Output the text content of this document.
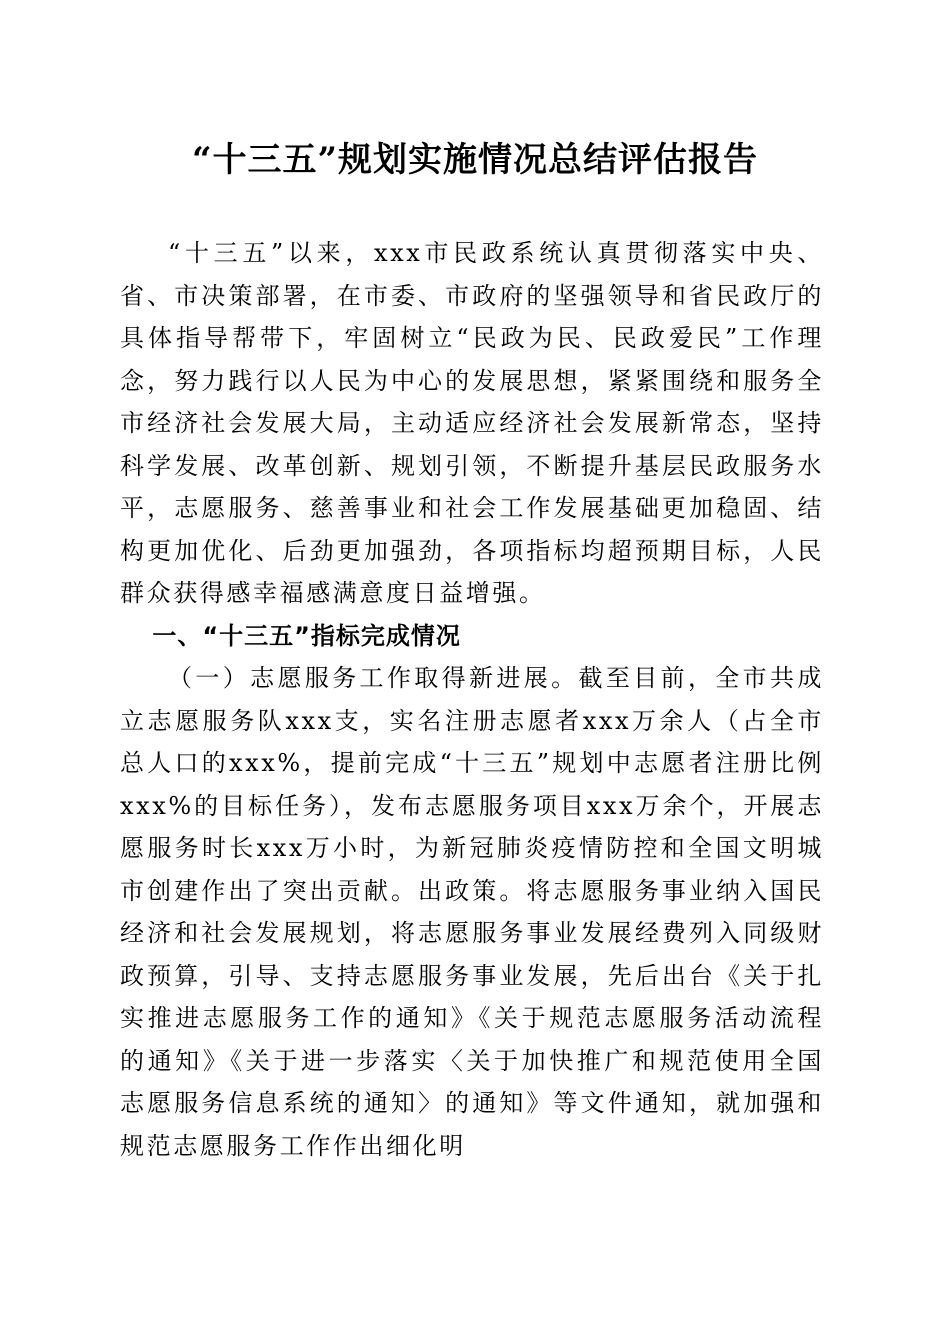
“十三五”规划实施情况总结评估报告

“十三五”以来，xxx市民政系统认真贯彻落实中央、省、市决策部署，在市委、市政府的坚强领导和省民政厅的具体指导帮带下，牢固树立“民政为民、民政爱民”工作理念，努力践行以人民为中心的发展思想，紧紧围绕和服务全市经济社会发展大局，主动适应经济社会发展新常态，坚持科学发展、改革创新、规划引领，不断提升基层民政服务水平，志愿服务、慈善事业和社会工作发展基础更加稳固、结构更加优化、后劲更加强劲，各项指标均超预期目标，人民群众获得感幸福感满意度日益增强。

一、“十三五”指标完成情况

（一）志愿服务工作取得新进展。截至目前，全市共成立志愿服务队xxx支，实名注册志愿者xxx万余人（占全市总人口的xxx%，提前完成“十三五”规划中志愿者注册比例xxx%的目标任务），发布志愿服务项目xxx万余个，开展志愿服务时长xxx万小时，为新冠肺炎疫情防控和全国文明城市创建作出了突出贡献。出政策。将志愿服务事业纳入国民经济和社会发展规划，将志愿服务事业发展经费列入同级财政预算，引导、支持志愿服务事业发展，先后出台《关于扎实推进志愿服务工作的通知》《关于规范志愿服务活动流程的通知》《关于进一步落实〈关于加快推广和规范使用全国志愿服务信息系统的通知〉的通知》等文件通知，就加强和规范志愿服务工作作出细化明
